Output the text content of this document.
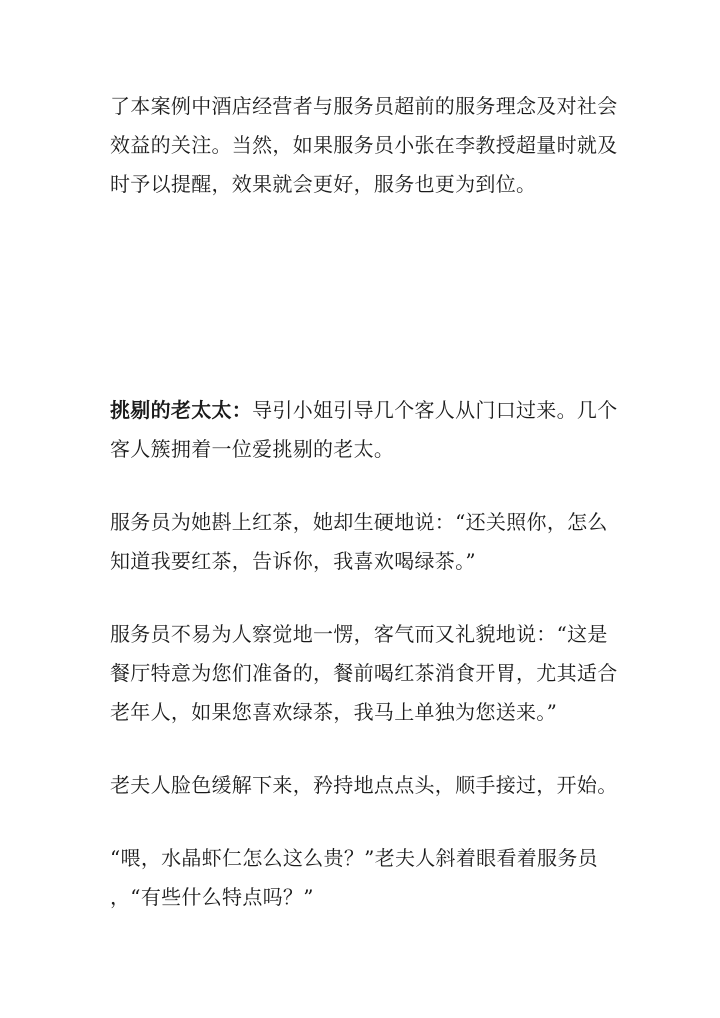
了本案例中酒店经营者与服务员超前的服务理念及对社会
效益的关注。当然，如果服务员小张在李教授超量时就及
时予以提醒，效果就会更好，服务也更为到位。
挑剔的老太太：导引小姐引导几个客人从门口过来。几个
客人簇拥着一位爱挑剔的老太。
服务员为她斟上红茶，她却生硬地说：“还关照你，怎么
知道我要红茶，告诉你，我喜欢喝绿茶。”
服务员不易为人察觉地一愣，客气而又礼貌地说：“这是
餐厅特意为您们准备的，餐前喝红茶消食开胃，尤其适合
老年人，如果您喜欢绿茶，我马上单独为您送来。”
老夫人脸色缓解下来，矜持地点点头，顺手接过，开始。
“喂，水晶虾仁怎么这么贵？”老夫人斜着眼看着服务员
，“有些什么特点吗？”
